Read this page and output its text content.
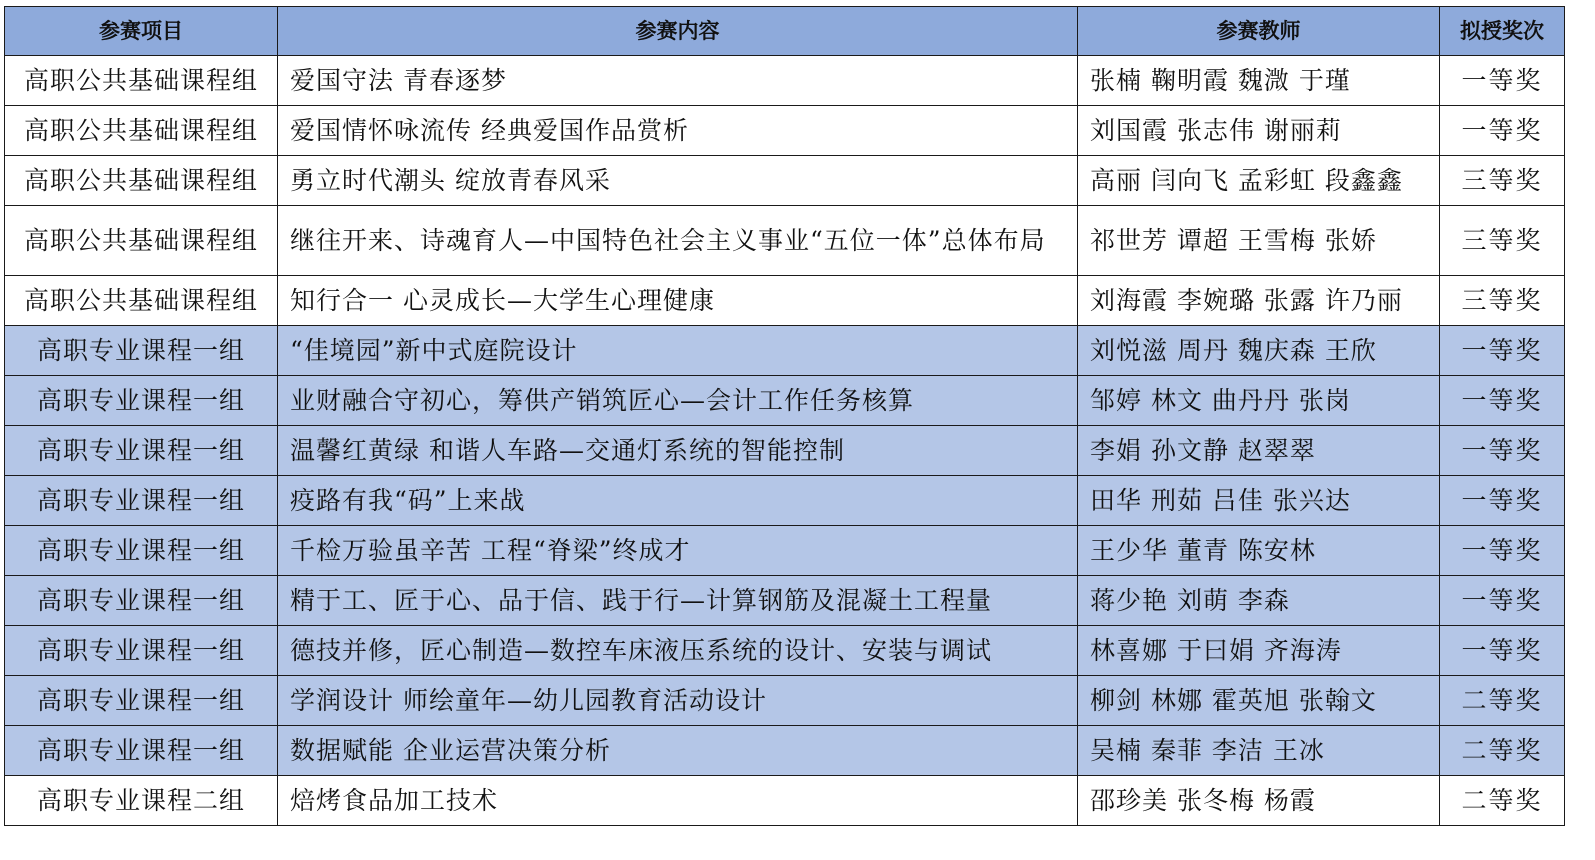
参赛项目	参赛内容	参赛教师	拟授奖次
高职公共基础课程组	爱国守法 青春逐梦	张楠 鞠明霞 魏溦 于瑾	一等奖
高职公共基础课程组	爱国情怀咏流传 经典爱国作品赏析	刘国霞 张志伟 谢丽莉	一等奖
高职公共基础课程组	勇立时代潮头 绽放青春风采	高丽 闫向飞 孟彩虹 段鑫鑫	三等奖
高职公共基础课程组	继往开来、诗魂育人—中国特色社会主义事业“五位一体”总体布局	祁世芳 谭超 王雪梅 张娇	三等奖
高职公共基础课程组	知行合一 心灵成长—大学生心理健康	刘海霞 李婉璐 张露 许乃丽	三等奖
高职专业课程一组	“佳境园”新中式庭院设计	刘悦滋 周丹 魏庆森 王欣	一等奖
高职专业课程一组	业财融合守初心，筹供产销筑匠心—会计工作任务核算	邹婷 林文 曲丹丹 张岗	一等奖
高职专业课程一组	温馨红黄绿 和谐人车路—交通灯系统的智能控制	李娟 孙文静 赵翠翠	一等奖
高职专业课程一组	疫路有我“码”上来战	田华 刑茹 吕佳 张兴达	一等奖
高职专业课程一组	千检万验虽辛苦 工程“脊梁”终成才	王少华 董青 陈安林	一等奖
高职专业课程一组	精于工、匠于心、品于信、践于行—计算钢筋及混凝土工程量	蒋少艳 刘萌 李森	一等奖
高职专业课程一组	德技并修，匠心制造—数控车床液压系统的设计、安装与调试	林喜娜 于曰娟 齐海涛	一等奖
高职专业课程一组	学润设计 师绘童年—幼儿园教育活动设计	柳剑 林娜 霍英旭 张翰文	二等奖
高职专业课程一组	数据赋能 企业运营决策分析	吴楠 秦菲 李洁 王冰	二等奖
高职专业课程二组	焙烤食品加工技术	邵珍美 张冬梅 杨霞	二等奖
